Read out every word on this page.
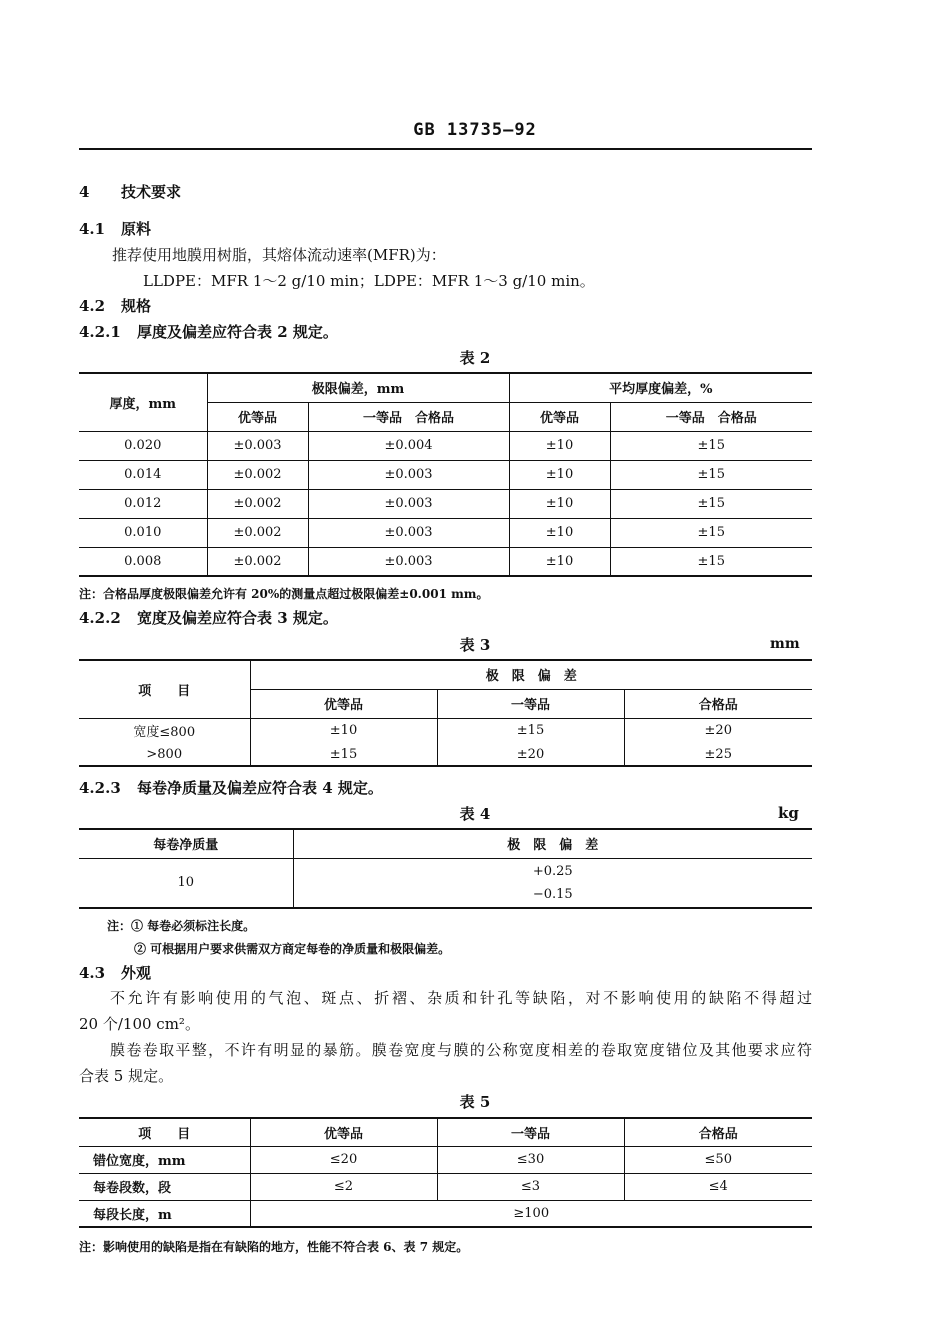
GB 13735—92
4 技术要求
4.1 原料
推荐使用地膜用树脂，其熔体流动速率(MFR)为：
LLDPE：MFR 1～2 g/10 min；LDPE：MFR 1～3 g/10 min。
4.2 规格
4.2.1 厚度及偏差应符合表 2 规定。
表 2
厚度，mm	极限偏差，mm		平均厚度偏差，%	
	优等品	一等品　合格品	优等品	一等品　合格品
0.020	±0.003	±0.004	±10	±15
0.014	±0.002	±0.003	±10	±15
0.012	±0.002	±0.003	±10	±15
0.010	±0.002	±0.003	±10	±15
0.008	±0.002	±0.003	±10	±15
注：合格品厚度极限偏差允许有 20%的测量点超过极限偏差±0.001 mm。
4.2.2 宽度及偏差应符合表 3 规定。
表 3	mm
项　　目	极　限　偏　差		
	优等品	一等品	合格品
宽度≤800	±10	±15	±20
>800	±15	±20	±25
4.2.3 每卷净质量及偏差应符合表 4 规定。
表 4	kg
每卷净质量	极　限　偏　差
10	+0.25
−0.15
注：① 每卷必须标注长度。
② 可根据用户要求供需双方商定每卷的净质量和极限偏差。
4.3 外观
不允许有影响使用的气泡、斑点、折褶、杂质和针孔等缺陷，对不影响使用的缺陷不得超过
20 个/100 cm²。
膜卷卷取平整，不许有明显的暴筋。膜卷宽度与膜的公称宽度相差的卷取宽度错位及其他要求应符
合表 5 规定。
表 5
项　　目	优等品	一等品	合格品
错位宽度，mm	≤20	≤30	≤50
每卷段数，段	≤2	≤3	≤4
每段长度，m	≥100		
注：影响使用的缺陷是指在有缺陷的地方，性能不符合表 6、表 7 规定。
